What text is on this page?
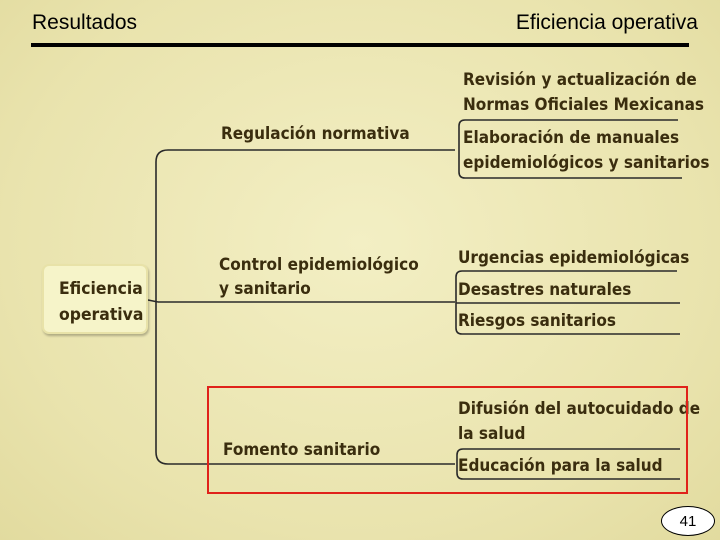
Resultados	Eficiencia operativa
Eficiencia
operativa
Regulación normativa
Control epidemiológico
y sanitario
Fomento sanitario
Revisión y actualización de
Normas Oficiales Mexicanas
Elaboración de manuales
epidemiológicos y sanitarios
Urgencias epidemiológicas
Desastres naturales
Riesgos sanitarios
Difusión del autocuidado de
la salud
Educación para la salud
41
